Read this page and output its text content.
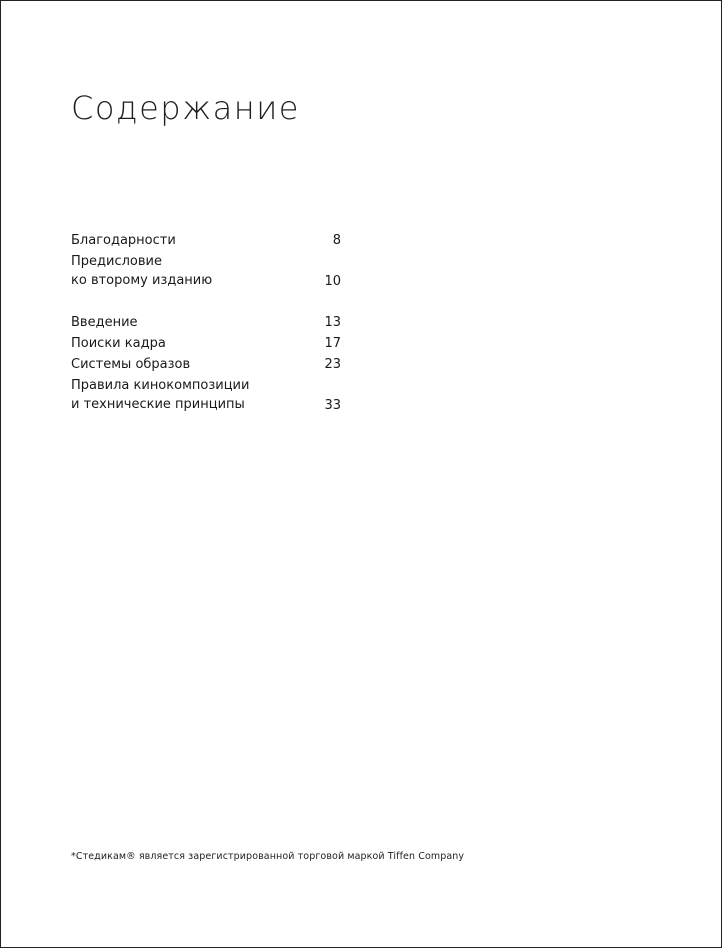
Содержание
Благодарности	8
Предисловие
ко второму изданию	10
Введение	13
Поиски кадра	17
Системы образов	23
Правила кинокомпозиции
и технические принципы	33
*Стедикам® является зарегистрированной торговой маркой Tiffen Company
